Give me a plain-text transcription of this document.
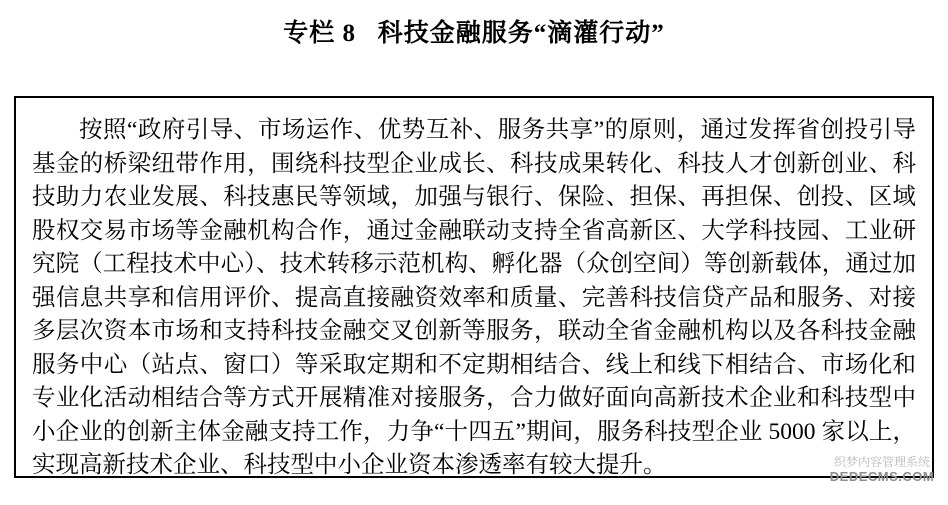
专栏 8   科技金融服务“滴灌行动”

按照“政府引导、市场运作、优势互补、服务共享”的原则，通过发挥省创投引导基金的桥梁纽带作用，围绕科技型企业成长、科技成果转化、科技人才创新创业、科技助力农业发展、科技惠民等领域，加强与银行、保险、担保、再担保、创投、区域股权交易市场等金融机构合作，通过金融联动支持全省高新区、大学科技园、工业研究院（工程技术中心）、技术转移示范机构、孵化器（众创空间）等创新载体，通过加强信息共享和信用评价、提高直接融资效率和质量、完善科技信贷产品和服务、对接多层次资本市场和支持科技金融交叉创新等服务，联动全省金融机构以及各科技金融服务中心（站点、窗口）等采取定期和不定期相结合、线上和线下相结合、市场化和专业化活动相结合等方式开展精准对接服务，合力做好面向高新技术企业和科技型中小企业的创新主体金融支持工作，力争“十四五”期间，服务科技型企业 5000 家以上，实现高新技术企业、科技型中小企业资本渗透率有较大提升。	织梦内容管理系统
DEDECMS.COM
